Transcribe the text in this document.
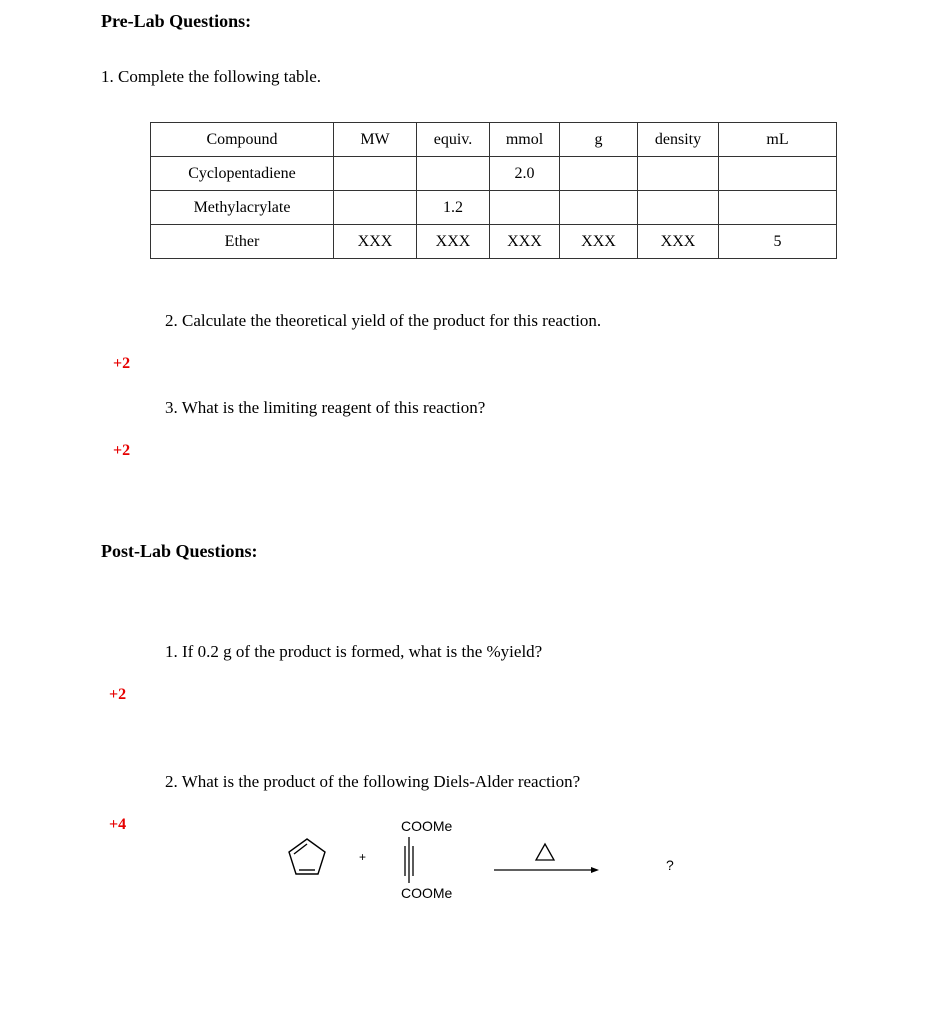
Pre-Lab Questions:
1. Complete the following table.
Compound	MW	equiv.	mmol	g	density	mL
Cyclopentadiene			2.0			
Methylacrylate		1.2				
Ether	XXX	XXX	XXX	XXX	XXX	5
2. Calculate the theoretical yield of the product for this reaction.
+2
3. What is the limiting reagent of this reaction?
+2
Post-Lab Questions:
1. If 0.2 g of the product is formed, what is the %yield?
+2
2. What is the product of the following Diels-Alder reaction?
+4
+
COOMe
COOMe
?
